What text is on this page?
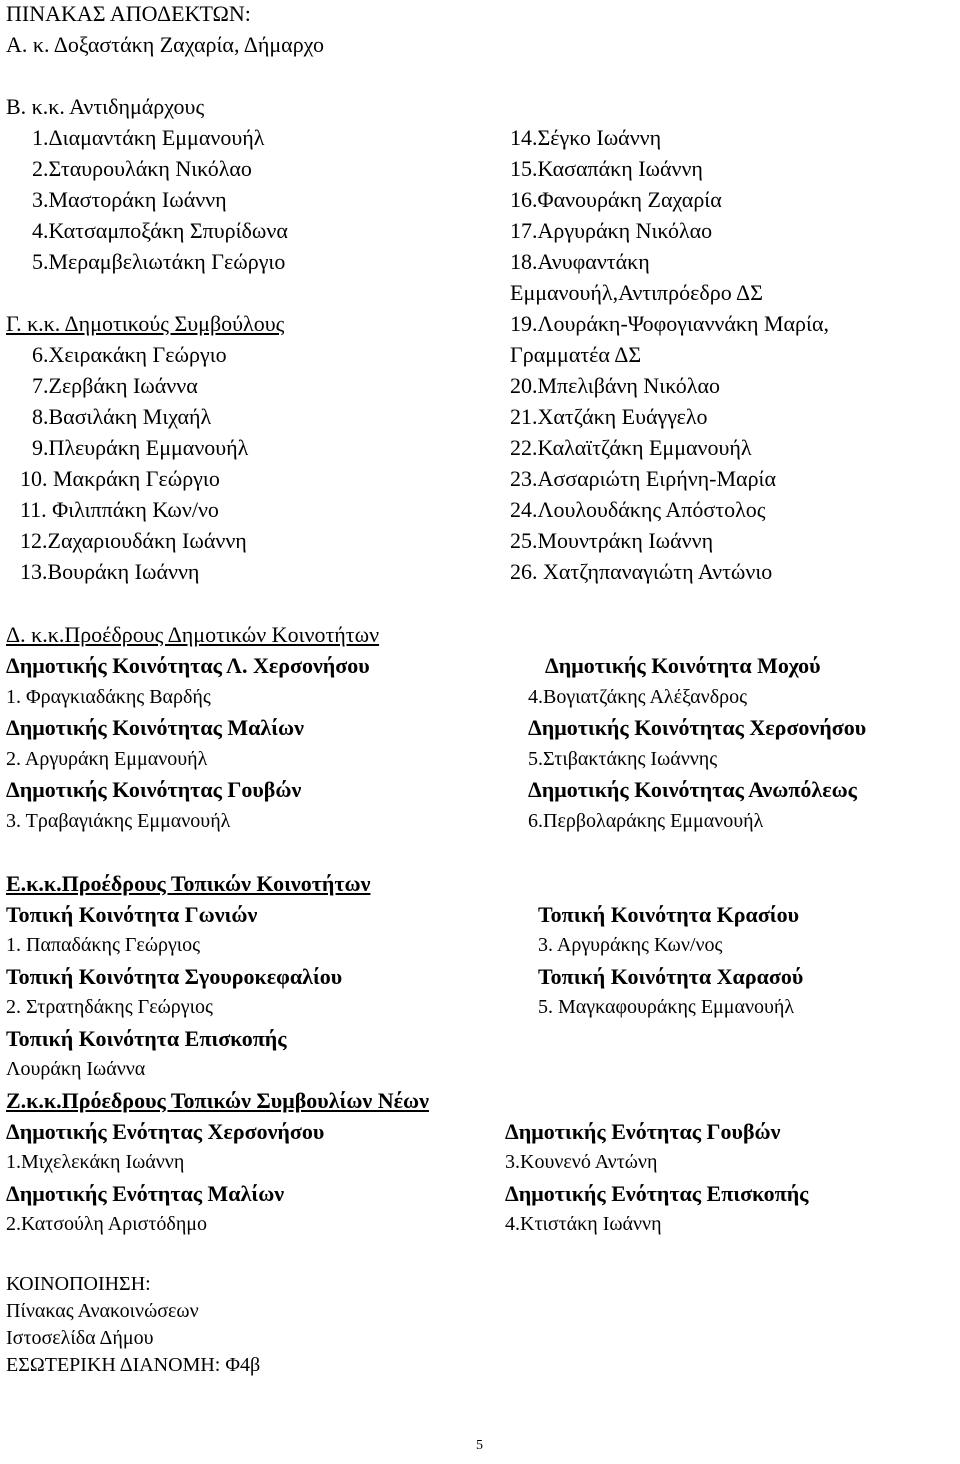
ΠΙΝΑΚΑΣ ΑΠΟΔΕΚΤΩΝ:
Α. κ. Δοξαστάκη Ζαχαρία, Δήμαρχο
Β. κ.κ. Αντιδημάρχους
1.Διαμαντάκη Εμμανουήλ
2.Σταυρουλάκη Νικόλαο
3.Μαστοράκη Ιωάννη
4.Κατσαμποξάκη Σπυρίδωνα
5.Μεραμβελιωτάκη Γεώργιο
14.Σέγκο Ιωάννη
15.Κασαπάκη Ιωάννη
16.Φανουράκη Ζαχαρία
17.Αργυράκη Νικόλαο
18.Ανυφαντάκη
Εμμανουήλ,Αντιπρόεδρο ΔΣ
Γ. κ.κ. Δημοτικούς Συμβούλους
6.Χειρακάκη Γεώργιο
7.Ζερβάκη Ιωάννα
8.Βασιλάκη Μιχαήλ
9.Πλευράκη Εμμανουήλ
10. Μακράκη Γεώργιο
11. Φιλιππάκη Κων/νο
12.Ζαχαριουδάκη Ιωάννη
13.Βουράκη Ιωάννη
19.Λουράκη-Ψοφογιαννάκη Μαρία,
Γραμματέα ΔΣ
20.Μπελιβάνη Νικόλαο
21.Χατζάκη Ευάγγελο
22.Καλαϊτζάκη Εμμανουήλ
23.Ασσαριώτη Ειρήνη-Μαρία
24.Λουλουδάκης Απόστολος
25.Μουντράκη Ιωάννη
26. Χατζηπαναγιώτη Αντώνιο
Δ. κ.κ.Προέδρους Δημοτικών Κοινοτήτων
Δημοτικής Κοινότητας Λ. Χερσονήσου
1. Φραγκιαδάκης Βαρδής
Δημοτικής Κοινότητας Μαλίων
2. Αργυράκη Εμμανουήλ
Δημοτικής Κοινότητας Γουβών
3. Τραβαγιάκης Εμμανουήλ
Δημοτικής Κοινότητα Μοχού
4.Βογιατζάκης Αλέξανδρος
Δημοτικής Κοινότητας Χερσονήσου
5.Στιβακτάκης Ιωάννης
Δημοτικής Κοινότητας Ανωπόλεως
6.Περβολαράκης Εμμανουήλ
Ε.κ.κ.Προέδρους Τοπικών Κοινοτήτων
Τοπική Κοινότητα Γωνιών
1. Παπαδάκης Γεώργιος
Τοπική Κοινότητα Σγουροκεφαλίου
2. Στρατηδάκης Γεώργιος
Τοπική Κοινότητα Επισκοπής
Λουράκη Ιωάννα
Τοπική Κοινότητα Κρασίου
3. Αργυράκης Κων/νος
Τοπική Κοινότητα Χαρασού
5. Μαγκαφουράκης Εμμανουήλ
Ζ.κ.κ.Πρόεδρους Τοπικών Συμβουλίων Νέων
Δημοτικής Ενότητας Χερσονήσου
1.Μιχελεκάκη Ιωάννη
Δημοτικής Ενότητας Μαλίων
2.Κατσούλη Αριστόδημο
Δημοτικής Ενότητας Γουβών
3.Κουνενό Αντώνη
Δημοτικής Ενότητας Επισκοπής
4.Κτιστάκη Ιωάννη
ΚΟΙΝΟΠΟΙΗΣΗ:
Πίνακας Ανακοινώσεων
Ιστοσελίδα Δήμου
ΕΣΩΤΕΡΙΚΗ ΔΙΑΝΟΜΗ: Φ4β
5
